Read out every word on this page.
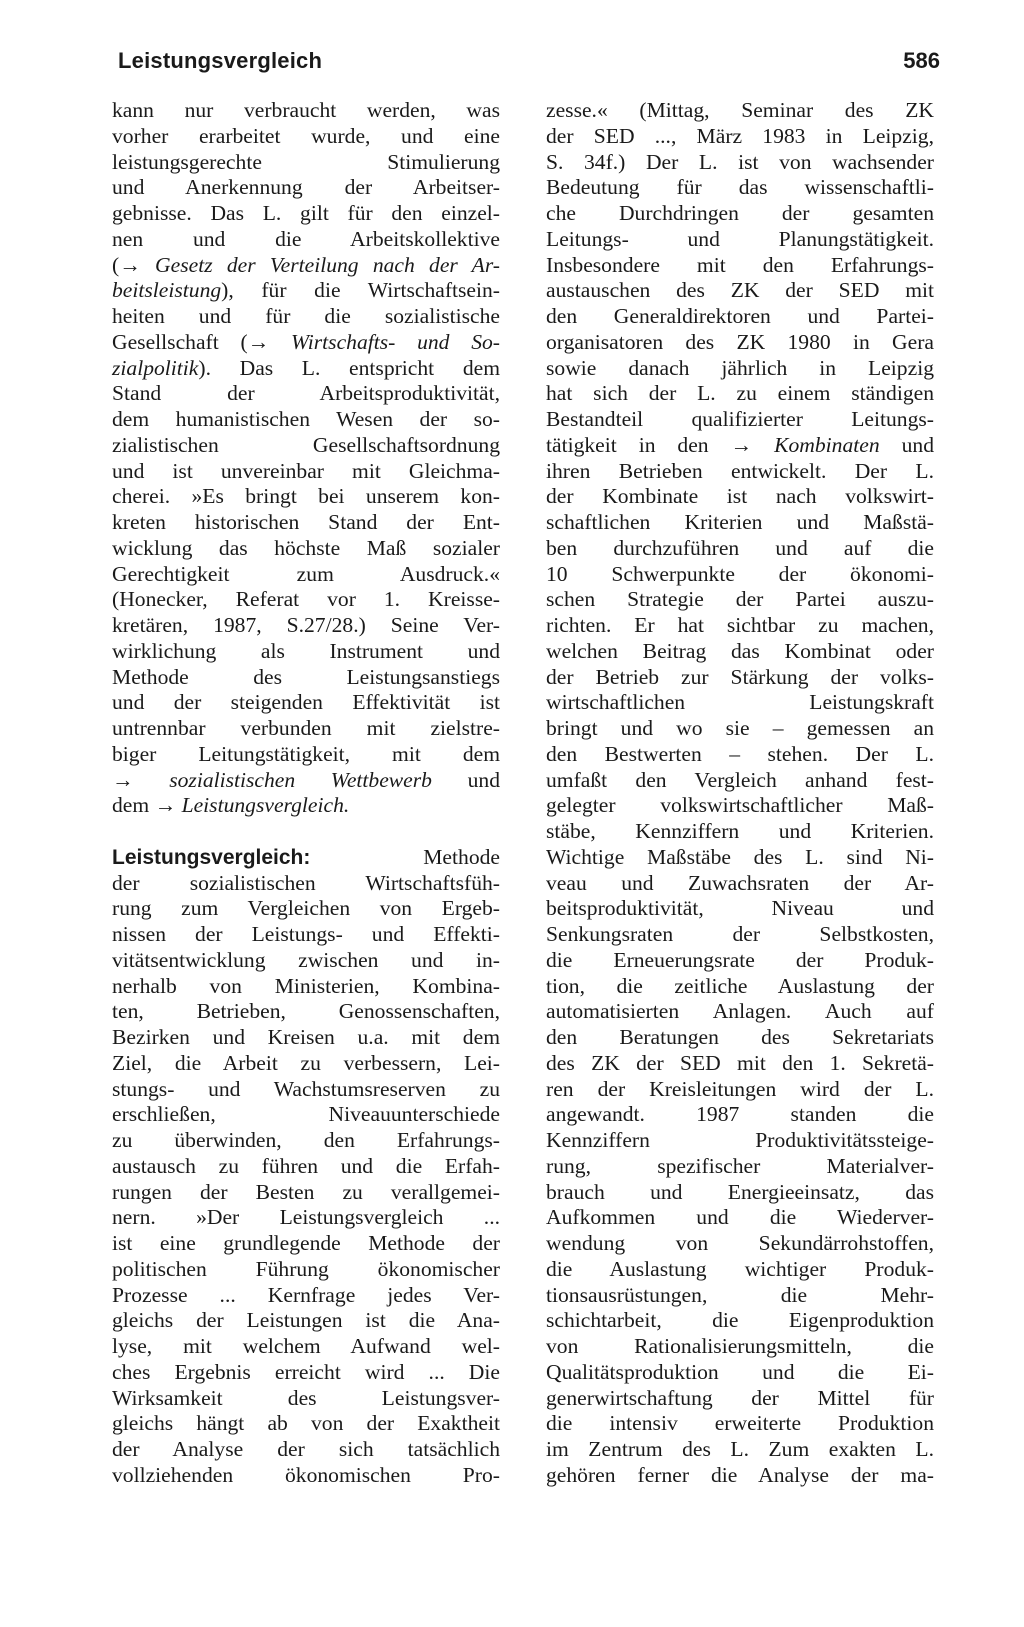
Leistungsvergleich	586
kann nur verbraucht werden, was
vorher erarbeitet wurde, und eine
leistungsgerechte Stimulierung
und Anerkennung der Arbeitser-
gebnisse. Das L. gilt für den einzel-
nen und die Arbeitskollektive
(→ Gesetz der Verteilung nach der Ar-
beitsleistung), für die Wirtschaftsein-
heiten und für die sozialistische
Gesellschaft (→ Wirtschafts- und So-
zialpolitik). Das L. entspricht dem
Stand der Arbeitsproduktivität,
dem humanistischen Wesen der so-
zialistischen Gesellschaftsordnung
und ist unvereinbar mit Gleichma-
cherei. »Es bringt bei unserem kon-
kreten historischen Stand der Ent-
wicklung das höchste Maß sozialer
Gerechtigkeit zum Ausdruck.«
(Honecker, Referat vor 1. Kreisse-
kretären, 1987, S.27/28.) Seine Ver-
wirklichung als Instrument und
Methode des Leistungsanstiegs
und der steigenden Effektivität ist
untrennbar verbunden mit zielstre-
biger Leitungstätigkeit, mit dem
→ sozialistischen Wettbewerb und
dem → Leistungsvergleich.
Leistungsvergleich:	Methode
der sozialistischen Wirtschaftsfüh-
rung zum Vergleichen von Ergeb-
nissen der Leistungs- und Effekti-
vitätsentwicklung zwischen und in-
nerhalb von Ministerien, Kombina-
ten, Betrieben, Genossenschaften,
Bezirken und Kreisen u.a. mit dem
Ziel, die Arbeit zu verbessern, Lei-
stungs- und Wachstumsreserven zu
erschließen, Niveauunterschiede
zu überwinden, den Erfahrungs-
austausch zu führen und die Erfah-
rungen der Besten zu verallgemei-
nern. »Der Leistungsvergleich ...
ist eine grundlegende Methode der
politischen Führung ökonomischer
Prozesse ... Kernfrage jedes Ver-
gleichs der Leistungen ist die Ana-
lyse, mit welchem Aufwand wel-
ches Ergebnis erreicht wird ... Die
Wirksamkeit des Leistungsver-
gleichs hängt ab von der Exaktheit
der Analyse der sich tatsächlich
vollziehenden ökonomischen Pro-
zesse.« (Mittag, Seminar des ZK
der SED ..., März 1983 in Leipzig,
S. 34f.) Der L. ist von wachsender
Bedeutung für das wissenschaftli-
che Durchdringen der gesamten
Leitungs- und Planungstätigkeit.
Insbesondere mit den Erfahrungs-
austauschen des ZK der SED mit
den Generaldirektoren und Partei-
organisatoren des ZK 1980 in Gera
sowie danach jährlich in Leipzig
hat sich der L. zu einem ständigen
Bestandteil qualifizierter Leitungs-
tätigkeit in den → Kombinaten und
ihren Betrieben entwickelt. Der L.
der Kombinate ist nach volkswirt-
schaftlichen Kriterien und Maßstä-
ben durchzuführen und auf die
10 Schwerpunkte der ökonomi-
schen Strategie der Partei auszu-
richten. Er hat sichtbar zu machen,
welchen Beitrag das Kombinat oder
der Betrieb zur Stärkung der volks-
wirtschaftlichen Leistungskraft
bringt und wo sie – gemessen an
den Bestwerten – stehen. Der L.
umfaßt den Vergleich anhand fest-
gelegter volkswirtschaftlicher Maß-
stäbe, Kennziffern und Kriterien.
Wichtige Maßstäbe des L. sind Ni-
veau und Zuwachsraten der Ar-
beitsproduktivität, Niveau und
Senkungsraten der Selbstkosten,
die Erneuerungsrate der Produk-
tion, die zeitliche Auslastung der
automatisierten Anlagen. Auch auf
den Beratungen des Sekretariats
des ZK der SED mit den 1. Sekretä-
ren der Kreisleitungen wird der L.
angewandt. 1987 standen die
Kennziffern Produktivitätssteige-
rung, spezifischer Materialver-
brauch und Energieeinsatz, das
Aufkommen und die Wiederver-
wendung von Sekundärrohstoffen,
die Auslastung wichtiger Produk-
tionsausrüstungen, die Mehr-
schichtarbeit, die Eigenproduktion
von Rationalisierungsmitteln, die
Qualitätsproduktion und die Ei-
generwirtschaftung der Mittel für
die intensiv erweiterte Produktion
im Zentrum des L. Zum exakten L.
gehören ferner die Analyse der ma-
